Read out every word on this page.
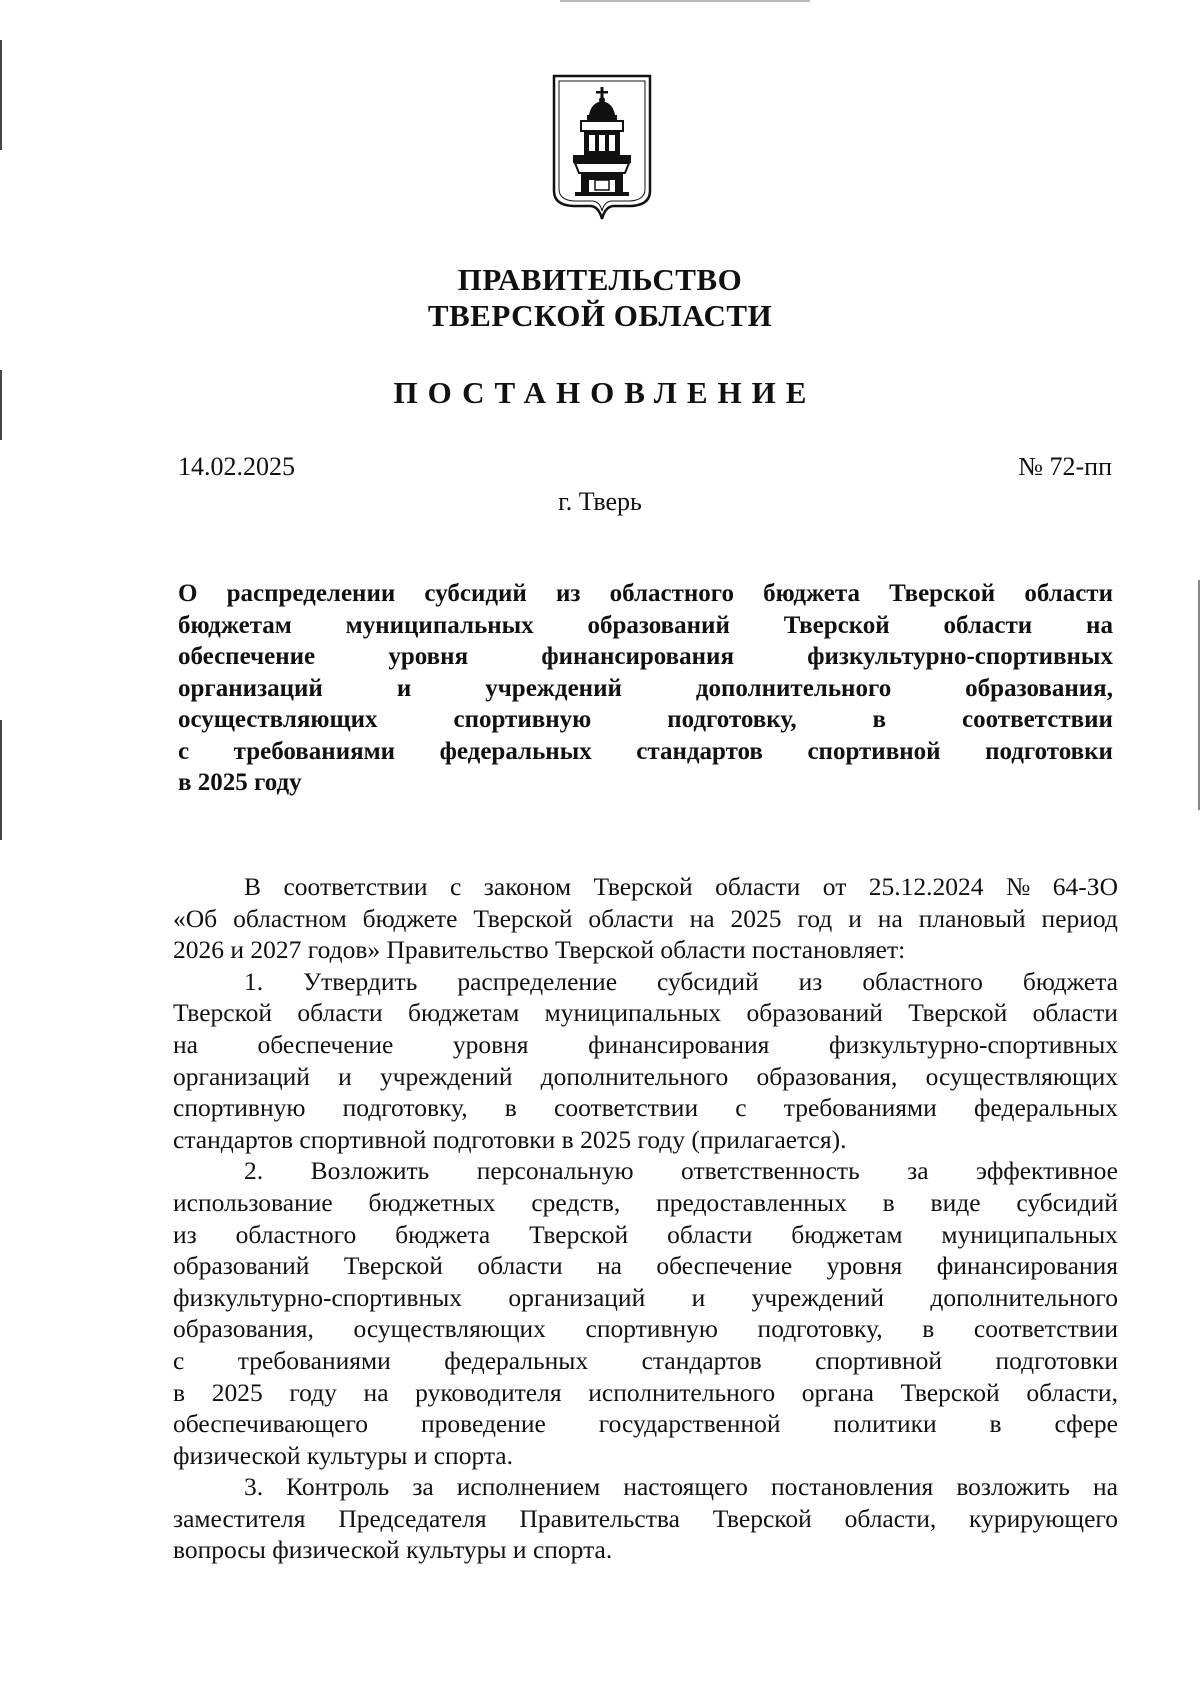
ПРАВИТЕЛЬСТВО
ТВЕРСКОЙ ОБЛАСТИ
ПОСТАНОВЛЕНИЕ
14.02.2025	№ 72-пп
г. Тверь
О распределении субсидий из областного бюджета Тверской области
бюджетам муниципальных образований Тверской области на
обеспечение	уровня	финансирования	физкультурно-спортивных
организаций	и	учреждений	дополнительного	образования,
осуществляющих	спортивную	подготовку,	в	соответствии
с требованиями федеральных стандартов спортивной подготовки
в 2025 году
В соответствии с законом Тверской области от 25.12.2024 № 64-ЗО
«Об областном бюджете Тверской области на 2025 год и на плановый период
2026 и 2027 годов» Правительство Тверской области постановляет:
1. Утвердить распределение субсидий из областного бюджета
Тверской области бюджетам муниципальных образований Тверской области
на обеспечение уровня финансирования физкультурно-спортивных
организаций и учреждений дополнительного образования, осуществляющих
спортивную подготовку, в соответствии с требованиями федеральных
стандартов спортивной подготовки в 2025 году (прилагается).
2. Возложить персональную ответственность за эффективное
использование бюджетных средств, предоставленных в виде субсидий
из областного бюджета Тверской области бюджетам муниципальных
образований Тверской области на обеспечение уровня финансирования
физкультурно-спортивных организаций и учреждений дополнительного
образования, осуществляющих спортивную подготовку, в соответствии
с требованиями федеральных стандартов спортивной подготовки
в 2025 году на руководителя исполнительного органа Тверской области,
обеспечивающего проведение государственной политики в сфере
физической культуры и спорта.
3. Контроль за исполнением настоящего постановления возложить на
заместителя Председателя Правительства Тверской области, курирующего
вопросы физической культуры и спорта.
